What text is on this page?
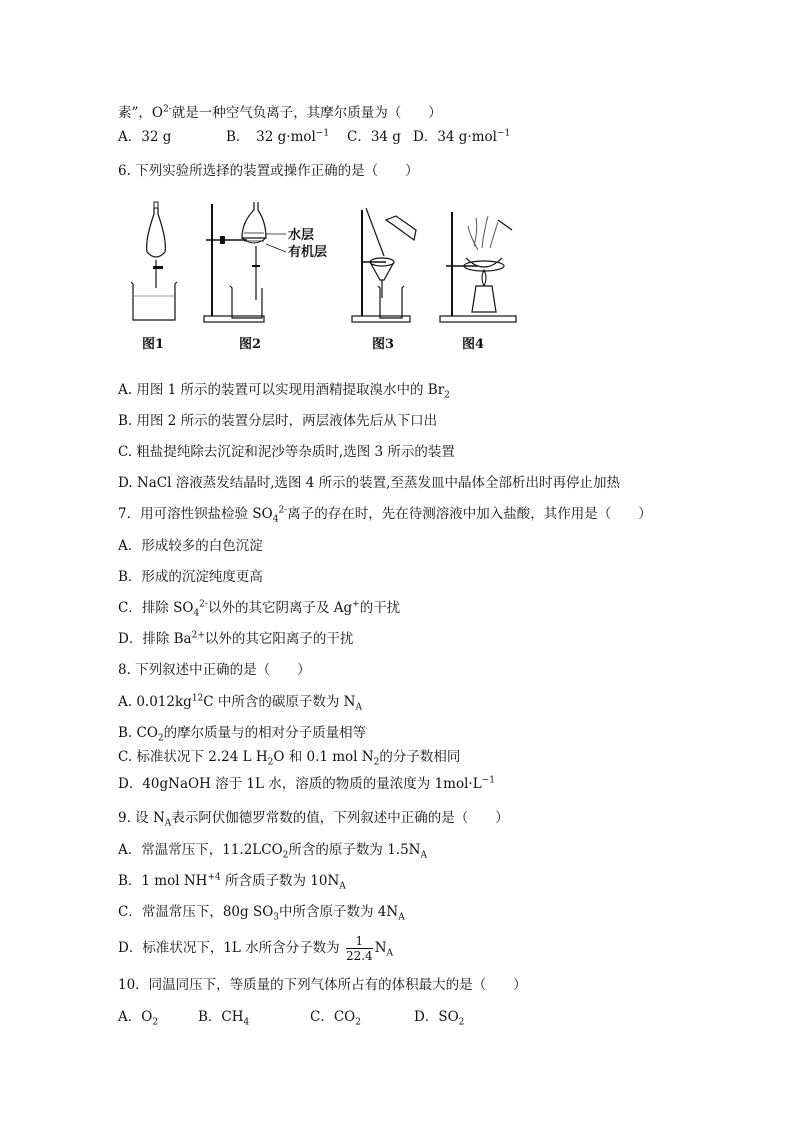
素”，$O^{2-}$就是一种空气负离子，其摩尔质量为（　　）
A．32 g	B．　32 g·mol$^{-1}$ C．34 g D．34 g·mol$^{-1}$
6. 下列实验所选择的装置或操作正确的是（　　）
图1
水层
有机层
图2	图3	图4
A. 用图 1 所示的装置可以实现用酒精提取溴水中的 $Br_2$
B. 用图 2 所示的装置分层时，两层液体先后从下口出
C. 粗盐提纯除去沉淀和泥沙等杂质时,选图 3 所示的装置
D. NaCl 溶液蒸发结晶时,选图 4 所示的装置,至蒸发皿中晶体全部析出时再停止加热
7．用可溶性钡盐检验 $SO_4^{2-}$离子的存在时，先在待测溶液中加入盐酸，其作用是（　　）
A．形成较多的白色沉淀
B．形成的沉淀纯度更高
C．排除 $SO_4^{2-}$以外的其它阴离子及 Ag+的干扰
D．排除 $Ba^{2+}$以外的其它阳离子的干扰
8. 下列叙述中正确的是（　　）
A. $0.012kg^{12}C$ 中所含的碳原子数为 $N_A$
B. $CO_2$的摩尔质量与的相对分子质量相等
C. 标准状况下 2.24 L $H_2O$ 和 0.1 mol $N_2$的分子数相同
D．40gNaOH 溶于 1L 水，溶质的物质的量浓度为 $1mol\cdot L^{-1}$
9. 设 $N_A$表示阿伏伽德罗常数的值，下列叙述中正确的是（　　）
A．常温常压下，$11.2LCO_2$所含的原子数为 $1.5N_A$
B．1 mol $NH^{+4}$ 所含质子数为 $10N_A$
C．常温常压下，80g $SO_3$中所含原子数为 $4N_A$
D．标准状况下，1L 水所含分子数为 $\frac{1}{22.4} N_A$
10．同温同压下，等质量的下列气体所占有的体积最大的是（　　）
A．$O_2$	B．$CH_4$	C．$CO_2$	D．$SO_2$
